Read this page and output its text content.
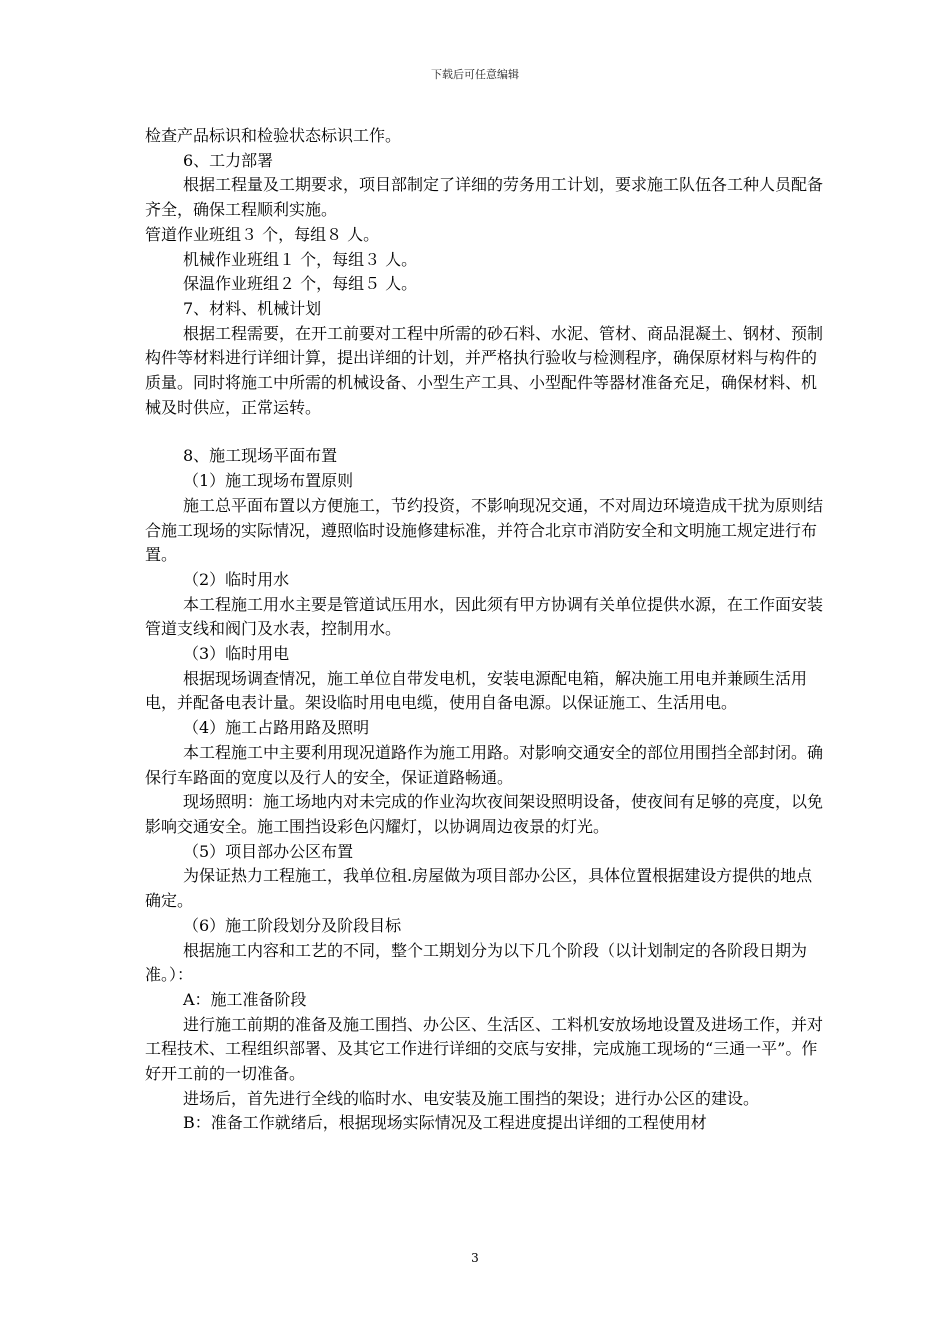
下载后可任意编辑

检查产品标识和检验状态标识工作。

6、工力部署

根据工程量及工期要求，项目部制定了详细的劳务用工计划，要求施工队伍各工种人员配备齐全，确保工程顺利实施。

管道作业班组３ 个，每组８ 人。

机械作业班组１ 个，每组３ 人。

保温作业班组２ 个，每组５ 人。

7、材料、机械计划

根据工程需要，在开工前要对工程中所需的砂石料、水泥、管材、商品混凝土、钢材、预制构件等材料进行详细计算，提出详细的计划，并严格执行验收与检测程序，确保原材料与构件的质量。同时将施工中所需的机械设备、小型生产工具、小型配件等器材准备充足，确保材料、机械及时供应，正常运转。

8、施工现场平面布置

（1）施工现场布置原则

施工总平面布置以方便施工，节约投资，不影响现况交通，不对周边环境造成干扰为原则结合施工现场的实际情况，遵照临时设施修建标准，并符合北京市消防安全和文明施工规定进行布置。

（2）临时用水

本工程施工用水主要是管道试压用水，因此须有甲方协调有关单位提供水源，在工作面安装管道支线和阀门及水表，控制用水。

（3）临时用电

根据现场调查情况，施工单位自带发电机，安装电源配电箱，解决施工用电并兼顾生活用电，并配备电表计量。架设临时用电电缆，使用自备电源。以保证施工、生活用电。

（4）施工占路用路及照明

本工程施工中主要利用现况道路作为施工用路。对影响交通安全的部位用围挡全部封闭。确保行车路面的宽度以及行人的安全，保证道路畅通。

现场照明：施工场地内对未完成的作业沟坎夜间架设照明设备，使夜间有足够的亮度，以免影响交通安全。施工围挡设彩色闪耀灯，以协调周边夜景的灯光。

（5）项目部办公区布置

为保证热力工程施工，我单位租.房屋做为项目部办公区，具体位置根据建设方提供的地点确定。

（6）施工阶段划分及阶段目标

根据施工内容和工艺的不同，整个工期划分为以下几个阶段（以计划制定的各阶段日期为准。）：

A：施工准备阶段

进行施工前期的准备及施工围挡、办公区、生活区、工料机安放场地设置及进场工作，并对工程技术、工程组织部署、及其它工作进行详细的交底与安排，完成施工现场的“三通一平”。作好开工前的一切准备。

进场后，首先进行全线的临时水、电安装及施工围挡的架设；进行办公区的建设。

B：准备工作就绪后，根据现场实际情况及工程进度提出详细的工程使用材

3
